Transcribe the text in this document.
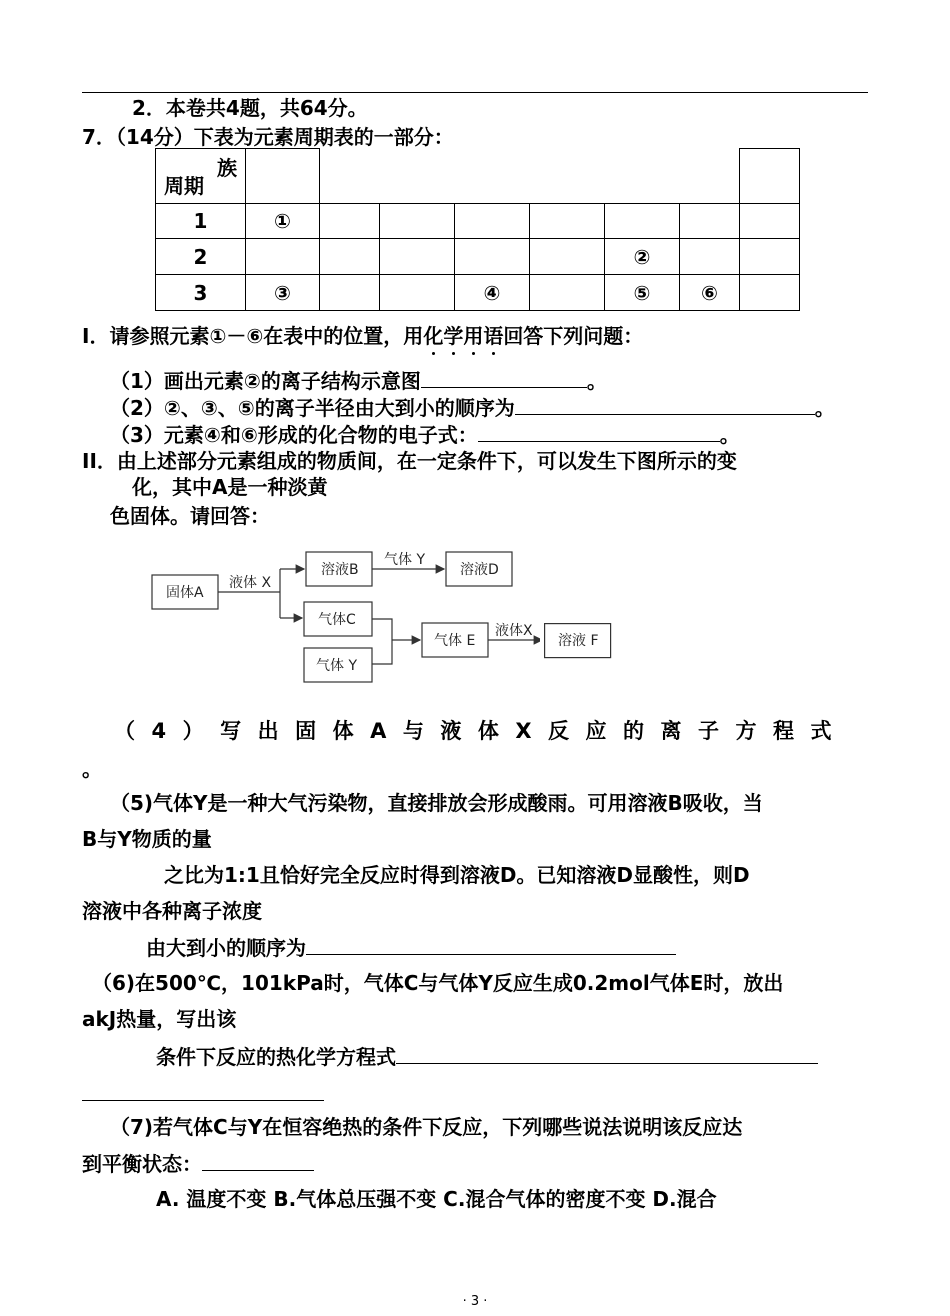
2．本卷共4题，共64分。
7．（14分）下表为元素周期表的一部分：
族
周期								

1	①							
2						②		
3	③			④		⑤	⑥	
I．请参照元素①－⑥在表中的位置，用化学用语回答下列问题：
（1）画出元素②的离子结构示意图	。
（2）②、③、⑤的离子半径由大到小的顺序为	。
（3）元素④和⑥形成的化合物的电子式：	。
II．由上述部分元素组成的物质间，在一定条件下，可以发生下图所示的变
化，其中A是一种淡黄
色固体。请回答：

固体A
液体 X
溶液B
气体 Y
溶液D
气体C
气体 Y
气体 E
液体X
溶液 F
（4）写出固体A与液体X反应的离子方程式
。
（5)气体Y是一种大气污染物，直接排放会形成酸雨。可用溶液B吸收，当
B与Y物质的量
之比为1:1且恰好完全反应时得到溶液D。已知溶液D显酸性，则D
溶液中各种离子浓度
由大到小的顺序为
（6)在500℃，101kPa时，气体C与气体Y反应生成0.2mol气体E时，放出
akJ热量，写出该
条件下反应的热化学方程式
（7)若气体C与Y在恒容绝热的条件下反应，下列哪些说法说明该反应达
到平衡状态：
A. 温度不变 B.气体总压强不变 C.混合气体的密度不变 D.混合
· 3 ·
